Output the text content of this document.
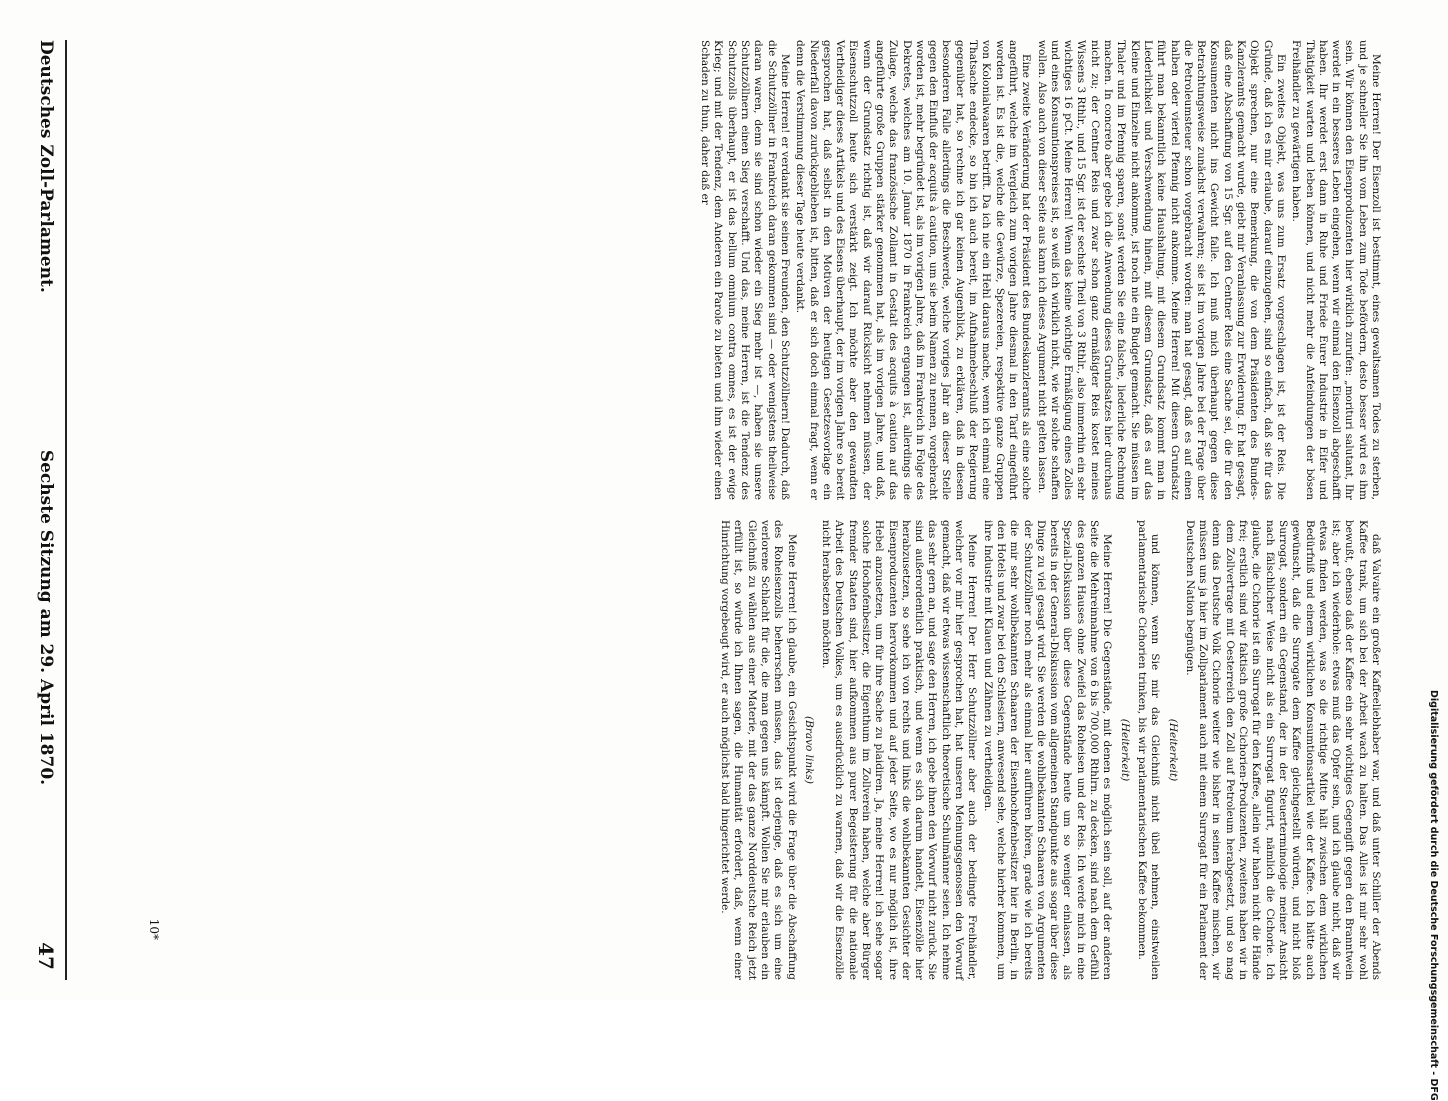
Deutsches Zoll-Parlament.
Sechste Sitzung am 29. April 1870.
47	daß Valvaire ein großer Kaffeeliebhaber war, und daß unter Schiller der Abends Kaffee trank, um sich bei der Arbeit wach zu halten. Das Alles ist mir sehr wohl bewußt, ebenso daß der Kaffee ein sehr wichtiges Gegengift gegen den Branntwein ist; aber ich wiederhole: etwas muß das Opfer sein, und ich glaube nicht, daß wir etwas finden werden, was so die richtige Mitte hält zwischen dem wirklichen Bedürfniß und einem wirklichen Konsumtionsartikel wie der Kaffee. Ich hätte auch gewünscht, daß die Surrogate dem Kaffee gleichgestellt würden, und nicht bloß Surrogat, sondern ein Gegenstand, der in der Steuerterminologie meiner Ansicht nach fälschlicher Weise nicht als ein Surrogat figurirt, nämlich die Cichorie. Ich glaube, die Cichorie ist ein Surrogat für den Kaffee, allein wir haben nicht die Hände frei; erstlich sind wir faktisch große Cichorien-Produzenten, zweitens haben wir in dem Zollvertrage mit Oesterreich den Zoll auf Petroleum herabgesetzt, und so mag denn das Deutsche Volk Cichorie weiter wie bisher in seinen Kaffee mischen, wir müssen uns ja hier im Zollparlament auch mit einem Surrogat für ein Parlament der Deutschen Nation begnügen.

(Heiterkeit)

und können, wenn Sie mir das Gleichniß nicht übel nehmen, einstweilen parlamentarische Cichorien trinken, bis wir parlamentarischen Kaffee bekommen.

(Heiterkeit)

Meine Herren! Die Gegenstände, mit denen es möglich sein soll, auf der anderen Seite die Mehreinnahme von 6 bis 700,000 Rthlrn. zu decken, sind nach dem Gefühl des ganzen Hauses ohne Zweifel das Roheisen und der Reis. Ich werde mich in eine Spezial-Diskussion über diese Gegenstände heute um so weniger einlassen, als bereits in der General-Diskussion vom allgemeinen Standpunkte aus sogar über diese Dinge zu viel gesagt wird. Sie werden die wohlbekannten Schaaren von Argumenten der Schutzzöllner noch mehr als einmal hier aufführen hören, grade wie ich bereits die mir sehr wohlbekannten Schaaren der Eisenhochofenbesitzer hier in Berlin, in den Hotels und zwar bei den Schlesiern, anwesend sehe, welche hierher kommen, um ihre Industrie mit Klauen und Zähnen zu vertheidigen.

Meine Herren! Der Herr Schutzzöllner aber auch der bedingte Freihändler, welcher vor mir hier gesprochen hat, hat unseren Meinungsgenossen den Vorwurf gemacht, daß wir etwas wissenschaftlich theoretische Schulmänner seien. Ich nehme das sehr gern an, und sage den Herren, ich gebe ihnen den Vorwurf nicht zurück. Sie sind außerordentlich praktisch, und wenn es sich darum handelt, Eisenzölle hier herabzusetzen, so sehe ich von rechts und links die wohlbekannten Gesichter der Eisenproduzenten hervorkommen und auf jeder Seite, wo es nur möglich ist, ihre Hebel anzusetzen, um für ihre Sache zu plaidiren. Ja, meine Herren! ich sehe sogar solche Hochofenbesitzer, die Eigenthum im Zollverein haben, welche aber Bürger fremder Staaten sind, hier aufkommen aus purer Begeisterung für die nationale Arbeit des Deutschen Volkes, um es ausdrücklich zu warnen, daß wir die Eisenzölle nicht herabsetzen möchten.

(Bravo links)

Meine Herren! ich glaube, ein Gesichtspunkt wird die Frage über die Abschaffung des Roheisenzolls beherrschen müssen, das ist derjenige, daß es sich um eine verlorene Schlacht für die, die man gegen uns kämpft. Wollen Sie mir erlauben ein Gleichniß zu wählen aus einer Materie, mit der das ganze Norddeutsche Reich jetzt erfüllt ist, so würde ich Ihnen sagen, die Humanität erfordert, daß, wenn einer Hinrichtung vorgebeugt wird, er auch möglichst bald hingerichtet werde.

Meine Herren! Der Eisenzoll ist bestimmt, eines gewaltsamen Todes zu sterben, und je schneller Sie ihn vom Leben zum Tode befördern, desto besser wird es ihm sein. Wir können den Eisenproduzenten hier wirklich zurufen: „morituri salutant, Ihr werdet in ein besseres Leben eingehen, wenn wir einmal den Eisenzoll abgeschafft haben. Ihr werdet erst dann in Ruhe und Friede Eurer Industrie in Eifer und Thätigkeit warten und leben können, und nicht mehr die Anfeindungen der bösen Freihändler zu gewärtigen haben.

Ein zweites Objekt, was uns zum Ersatz vorgeschlagen ist, ist der Reis. Die Gründe, daß ich es mir erlaube, darauf einzugehen, sind so einfach, daß sie für das Objekt sprechen, nur eine Bemerkung, die von dem Präsidenten des Bundes-Kanzleramts gemacht wurde, giebt mir Veranlassung zur Erwiderung. Er hat gesagt, daß eine Abschaffung von 15 Sgr. auf den Centner Reis eine Sache sei, die für den Konsumenten nicht ins Gewicht falle. Ich muß mich überhaupt gegen diese Betrachtungsweise zunächst verwahren; sie ist im vorigen Jahre bei der Frage über die Petroleumsteuer schon vorgebracht worden: man hat gesagt, daß es auf einen halben oder viertel Pfennig nicht ankomme. Meine Herren! Mit diesem Grundsatz führt man bekanntlich keine Haushaltung, mit diesem Grundsatz kommt man in Liederlichkeit und Verschwendung hinein, mit diesem Grundsatz, daß es auf das Kleine und Einzelne nicht ankomme, ist noch nie ein Budget gemacht. Sie müssen im Thaler und im Pfennig sparen, sonst werden Sie eine falsche, liederliche Rechnung machen. In concreto aber gebe ich die Anwendung dieses Grundsatzes hier durchaus nicht zu; der Centner Reis und zwar schon ganz ermäßigter Reis kostet meines Wissens 3 Rthlr., und 15 Sgr. ist der sechste Theil von 3 Rthlr., also immerhin ein sehr wichtiges 16 pCt. Meine Herren! Wenn das keine wichtige Ermäßigung eines Zolles und eines Konsumtionspreises ist, so weiß ich wirklich nicht, wie wir solche schaffen wollen. Also auch von dieser Seite aus kann ich dieses Argument nicht gelten lassen.

Eine zweite Veränderung hat der Präsident des Bundeskanzleramts als eine solche angeführt, welche im Vergleich zum vorigen Jahre diesmal in den Tarif eingeführt worden ist. Es ist die, welche die Gewürze, Spezereien, respektive ganze Gruppen von Kolonialwaaren betrifft. Da ich nie ein Hehl daraus mache, wenn ich einmal eine Thatsache endecke, so bin ich auch bereit, im Aufnahmebeschluß der Regierung gegenüber hat, so rechne ich gar keinen Augenblick, zu erklären, daß in diesem besonderen Falle allerdings die Beschwerde, welche voriges Jahr an dieser Stelle gegen den Einfluß der acquits à caution, um sie beim Namen zu nennen, vorgebracht worden ist, mehr begründet ist, als im vorigen Jahre, daß im Frankreich in Folge des Dekretes, welches am 10. Januar 1870 in Frankreich ergangen ist, allerdings die Zulage, welche das französische Zollamt in Gestalt des acquits à caution auf das angeführte große Gruppen stärker genommen hat, als im vorigen Jahre, und daß, wenn der Grundsatz richtig ist, daß wir darauf Rücksicht nehmen müssen, der Eisenschutzzoll heute sich verstärkt zeigt. Ich möchte aber den gewandten Vertheidiger dieses Artikels und des Eisens überhaupt, der im vorigen Jahre so bereit gesprochen hat, daß selbst in den Motiven der heutigen Gesetzesvorlage ein Niederfall davon zurückgeblieben ist, bitten, daß er sich doch einmal fragt, wenn er denn die Verstimmung dieser Tage heute verdankt.

Meine Herren! er verdankt sie seinen Freunden, den Schutzzöllnern! Dadurch, daß die Schutzzöllner in Frankreich daran gekommen sind — oder wenigstens theilweise daran waren, denn sie sind schon wieder ein Sieg mehr ist —, haben sie unsere Schutzzöllnern einen Sieg verschafft. Und das, meine Herren, ist die Tendenz des Schutzzolls überhaupt, er ist das bellum omnium contra omnes, es ist der ewige Krieg; und mit der Tendenz, dem Anderen ein Parole zu bieten und ihm wieder einen Schaden zu thun, daher daß er

10*	Digitalisierung gefördert durch die Deutsche Forschungsgemeinschaft - DFG
